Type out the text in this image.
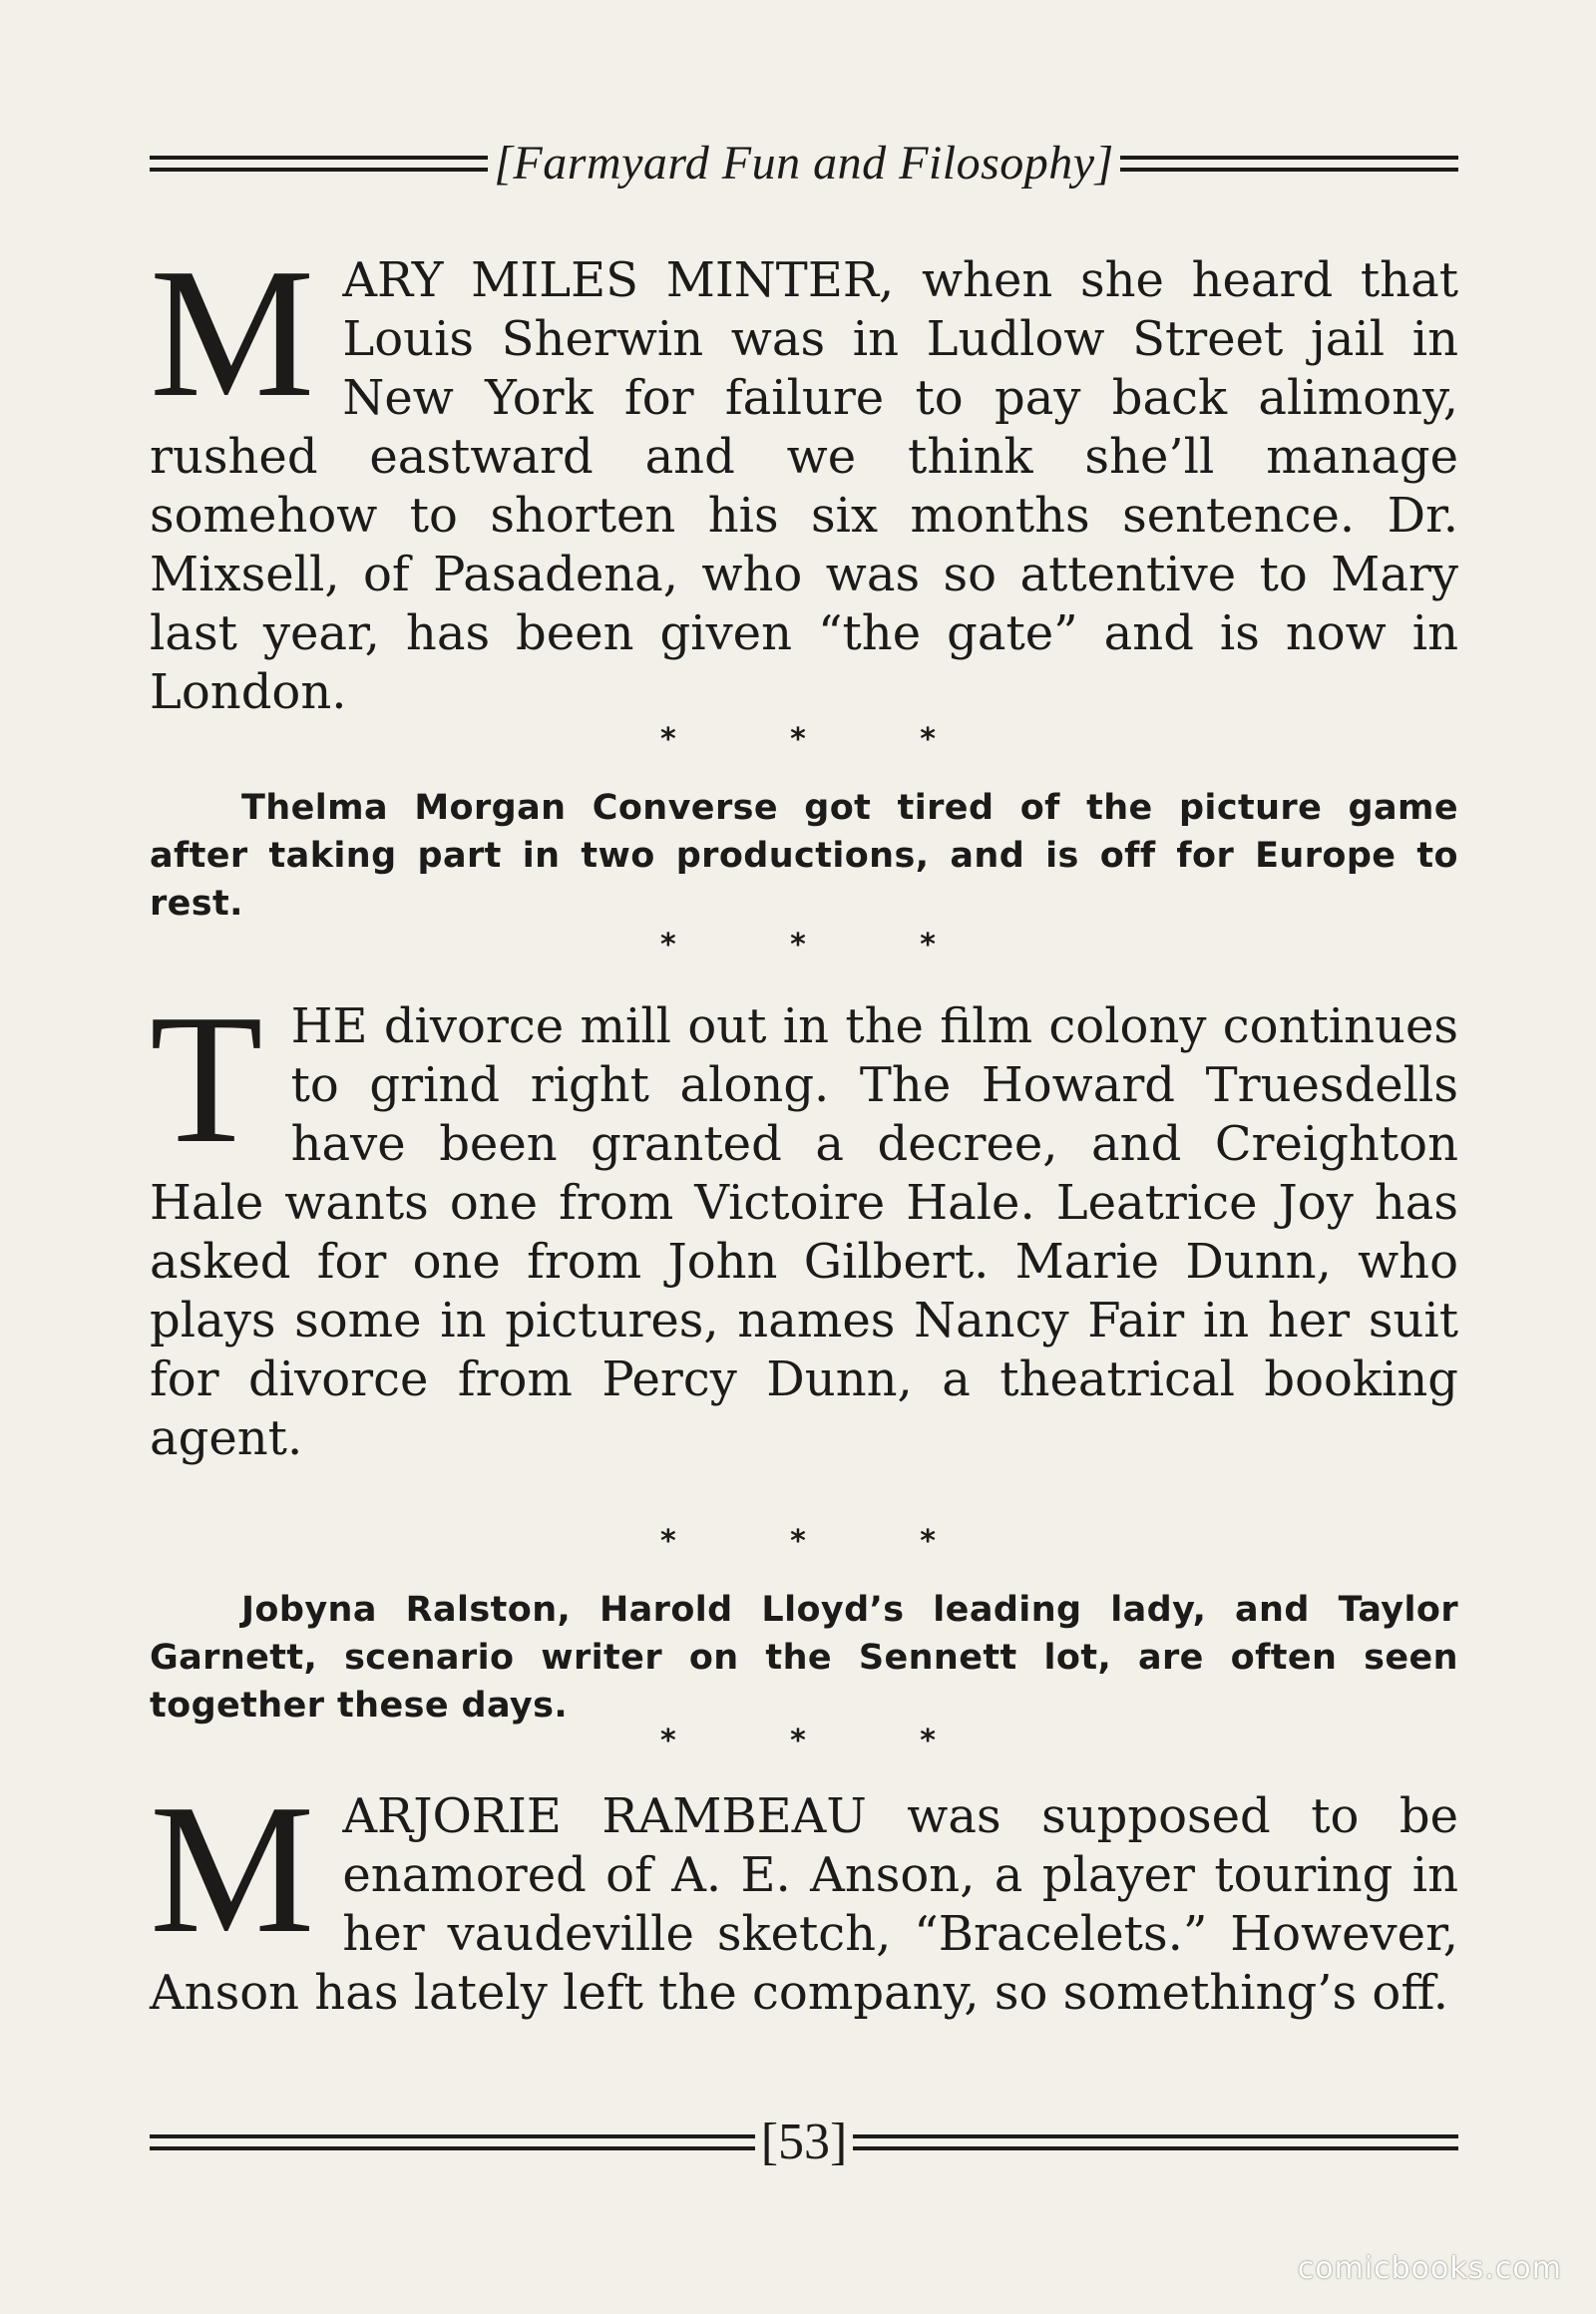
[Farmyard Fun and Filosophy]

MARY MILES MINTER, when she heard that Louis Sherwin was in Ludlow Street jail in New York for failure to pay back alimony, rushed eastward and we think she’ll manage somehow to shorten his six months sentence. Dr. Mixsell, of Pasadena, who was so attentive to Mary last year, has been given “the gate” and is now in London.

* * *

Thelma Morgan Converse got tired of the picture game after taking part in two productions, and is off for Europe to rest.

* * *

THE divorce mill out in the film colony continues to grind right along. The Howard Truesdells have been granted a decree, and Creighton Hale wants one from Victoire Hale. Leatrice Joy has asked for one from John Gilbert. Marie Dunn, who plays some in pictures, names Nancy Fair in her suit for divorce from Percy Dunn, a theatrical booking agent.

* * *

Jobyna Ralston, Harold Lloyd’s leading lady, and Taylor Garnett, scenario writer on the Sennett lot, are often seen together these days.

* * *

MARJORIE RAMBEAU was supposed to be enamored of A. E. Anson, a player touring in her vaudeville sketch, “Bracelets.” However, Anson has lately left the company, so something’s off.

[53]
comicbooks.com
